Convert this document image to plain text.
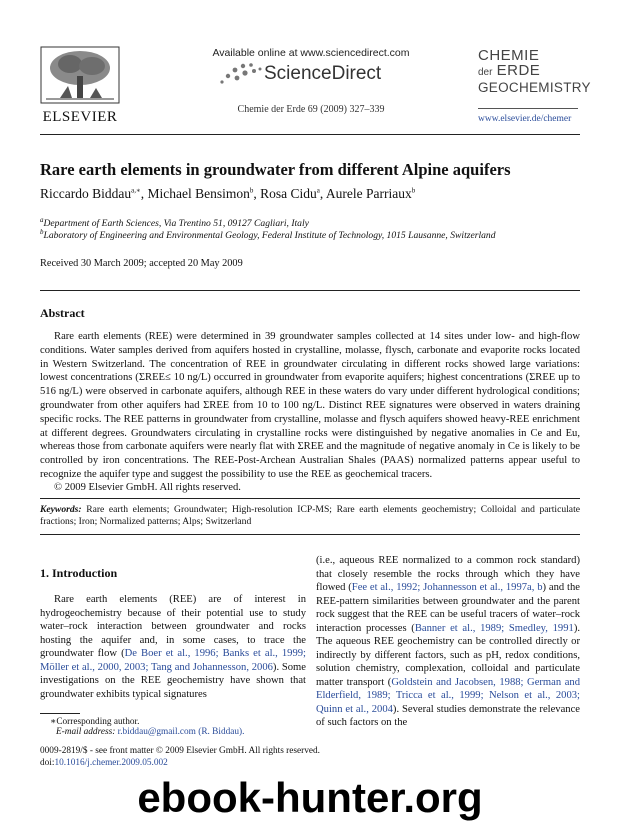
ELSEVIER
Available online at www.sciencedirect.com
ScienceDirect
Chemie der Erde 69 (2009) 327–339
CHEMIE
der ERDE
GEOCHEMISTRY
www.elsevier.de/chemer
Rare earth elements in groundwater from different Alpine aquifers
Riccardo Biddau$^{a,∗}$, Michael Bensimon$^b$, Rosa Cidu$^a$, Aurele Parriaux$^b$
$^a$Department of Earth Sciences, Via Trentino 51, 09127 Cagliari, Italy
$^b$Laboratory of Engineering and Environmental Geology, Federal Institute of Technology, 1015 Lausanne, Switzerland
Received 30 March 2009; accepted 20 May 2009
Abstract

Rare earth elements (REE) were determined in 39 groundwater samples collected at 14 sites under low- and high-flow conditions. Water samples derived from aquifers hosted in crystalline, molasse, flysch, carbonate and evaporite rocks located in Western Switzerland. The concentration of REE in groundwater circulating in different rocks showed large variations: lowest concentrations (ΣREE≤ 10 ng/L) occurred in groundwater from evaporite aquifers; highest concentrations (ΣREE up to 516 ng/L) were observed in carbonate aquifers, although REE in these waters do vary under different hydrological conditions; groundwater from other aquifers had ΣREE from 10 to 100 ng/L. Distinct REE signatures were observed in waters draining specific rocks. The REE patterns in groundwater from crystalline, molasse and flysch aquifers showed heavy-REE enrichment at different degrees. Groundwaters circulating in crystalline rocks were distinguished by negative anomalies in Ce and Eu, whereas those from carbonate aquifers were nearly flat with ΣREE and the magnitude of negative anomaly in Ce is likely to be controlled by iron concentrations. The REE-Post-Archean Australian Shales (PAAS) normalized patterns appear useful to recognize the aquifer type and suggest the possibility to use the REE as geochemical tracers.

© 2009 Elsevier GmbH. All rights reserved.
Keywords: Rare earth elements; Groundwater; High-resolution ICP-MS; Rare earth elements geochemistry; Colloidal and particulate fractions; Iron; Normalized patterns; Alps; Switzerland
1. Introduction

Rare earth elements (REE) are of interest in hydrogeochemistry because of their potential use to study water–rock interaction between groundwater and rocks hosting the aquifer and, in some cases, to trace the groundwater flow (De Boer et al., 1996; Banks et al., 1999; Möller et al., 2000, 2003; Tang and Johannesson, 2006). Some investigations on the REE geochemistry have shown that groundwater exhibits typical signatures

(i.e., aqueous REE normalized to a common rock standard) that closely resemble the rocks through which they have flowed (Fee et al., 1992; Johannesson et al., 1997a, b) and the REE-pattern similarities between groundwater and the parent rock suggest that the REE can be useful tracers of water–rock interaction processes (Banner et al., 1989; Smedley, 1991). The aqueous REE geochemistry can be controlled directly or indirectly by different factors, such as pH, redox conditions, solution chemistry, complexation, colloidal and particulate matter transport (Goldstein and Jacobsen, 1988; German and Elderfield, 1989; Tricca et al., 1999; Nelson et al., 2003; Quinn et al., 2004). Several studies demonstrate the relevance of such factors on the

∗Corresponding author.
E-mail address: r.biddau@gmail.com (R. Biddau).
0009-2819/$ - see front matter © 2009 Elsevier GmbH. All rights reserved.
doi:10.1016/j.chemer.2009.05.002
ebook-hunter.org
